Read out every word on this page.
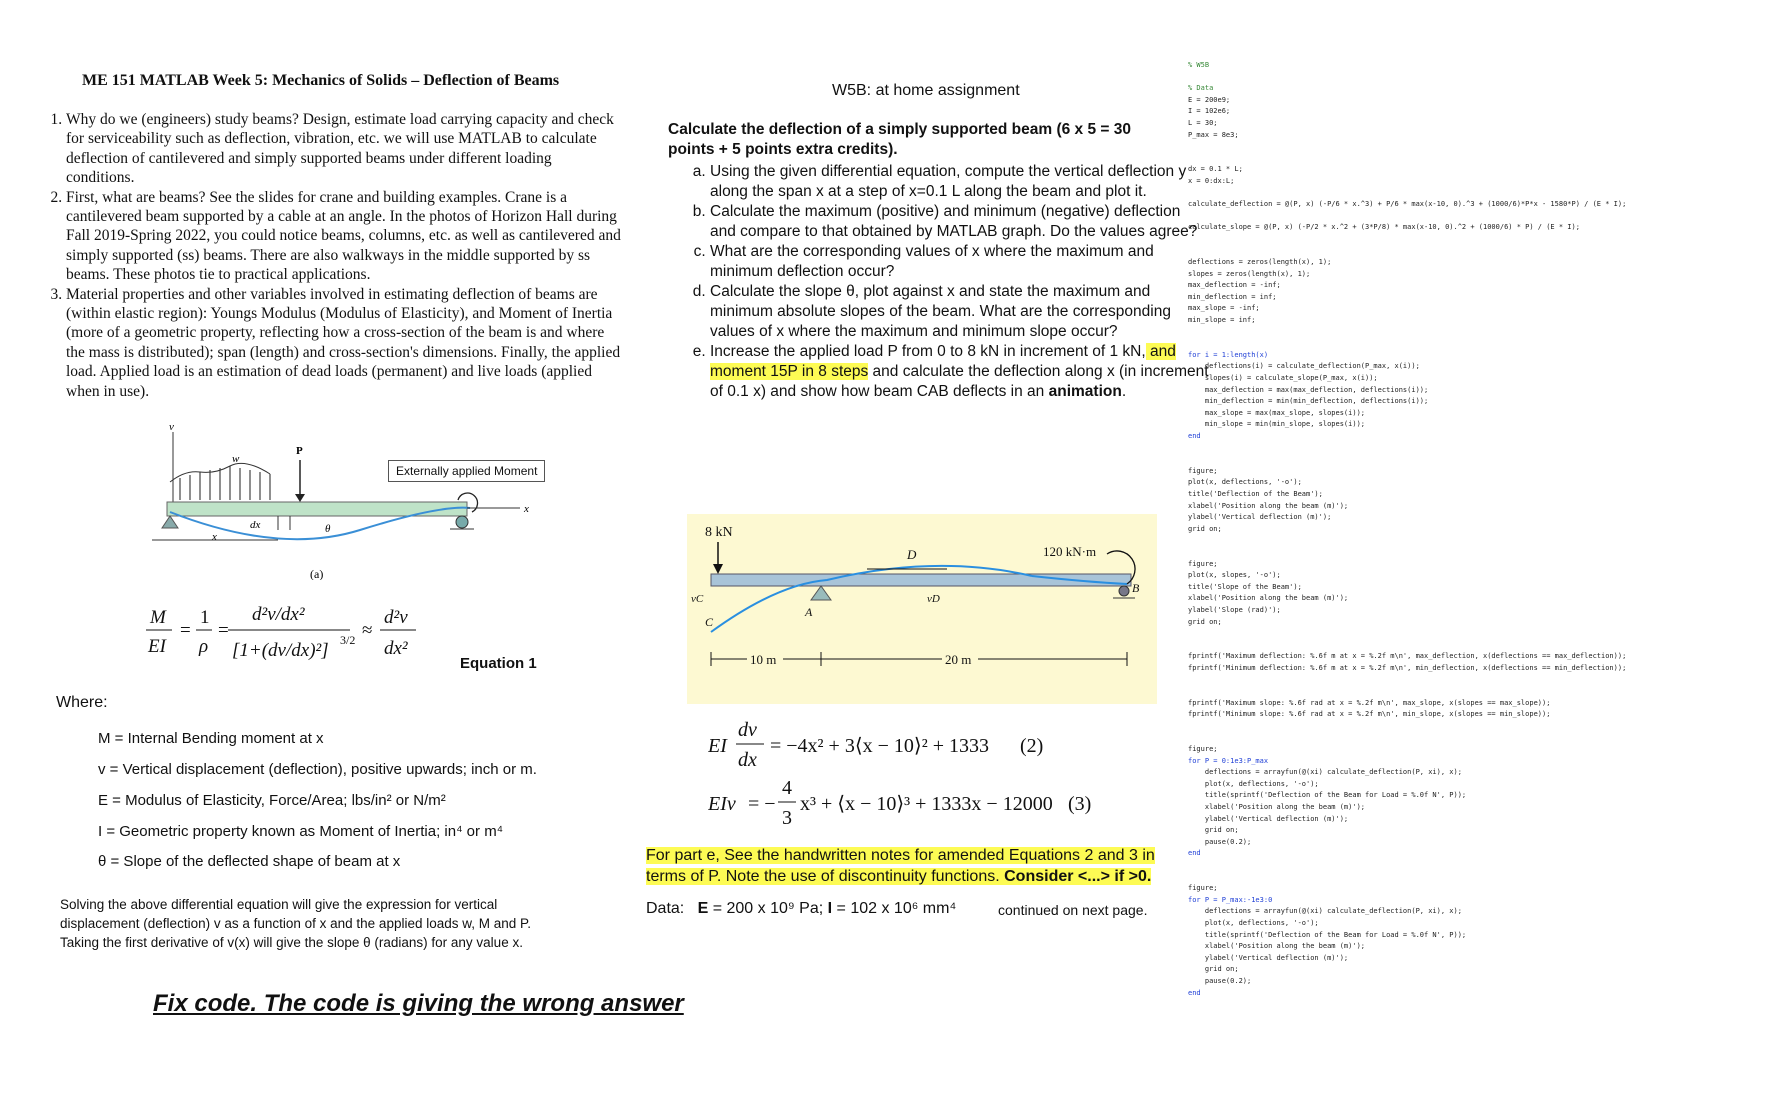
ME 151 MATLAB Week 5: Mechanics of Solids – Deflection of Beams
1. Why do we (engineers) study beams? Design, estimate load carrying capacity and check for serviceability such as deflection, vibration, etc. we will use MATLAB to calculate deflection of cantilevered and simply supported beams under different loading conditions.
2. First, what are beams? See the slides for crane and building examples. Crane is a cantilevered beam supported by a cable at an angle. In the photos of Horizon Hall during Fall 2019-Spring 2022, you could notice beams, columns, etc. as well as cantilevered and simply supported (ss) beams. There are also walkways in the middle supported by ss beams. These photos tie to practical applications.
3. Material properties and other variables involved in estimating deflection of beams are (within elastic region): Youngs Modulus (Modulus of Elasticity), and Moment of Inertia (more of a geometric property, reflecting how a cross-section of the beam is and where the mass is distributed); span (length) and cross-section's dimensions. Finally, the applied load. Applied load is an estimation of dead loads (permanent) and live loads (applied when in use).
v
w
P
dx	θ
x
x
(a)
Externally applied Moment
M
EI
=
1
ρ
=
d²v/dx²
[1+(dv/dx)²] 3/2 ≈
d²v
dx²
Equation 1
Where:
M = Internal Bending moment at x
v = Vertical displacement (deflection), positive upwards; inch or m.
E = Modulus of Elasticity, Force/Area; lbs/in² or N/m²
I = Geometric property known as Moment of Inertia; in⁴ or m⁴
θ = Slope of the deflected shape of beam at x
Solving the above differential equation will give the expression for vertical displacement (deflection) v as a function of x and the applied loads w, M and P. Taking the first derivative of v(x) will give the slope θ (radians) for any value x.
Fix code. The code is giving the wrong answer
W5B: at home assignment
Calculate the deflection of a simply supported beam (6 x 5 = 30 points + 5 points extra credits).
a. Using the given differential equation, compute the vertical deflection y along the span x at a step of x=0.1 L along the beam and plot it.
b. Calculate the maximum (positive) and minimum (negative) deflection and compare to that obtained by MATLAB graph. Do the values agree?
c. What are the corresponding values of x where the maximum and minimum deflection occur?
d. Calculate the slope θ, plot against x and state the maximum and minimum absolute slopes of the beam. What are the corresponding values of x where the maximum and minimum slope occur?
e. Increase the applied load P from 0 to 8 kN in increment of 1 kN, and moment 15P in 8 steps and calculate the deflection along x (in increment of 0.1 x) and show how beam CAB deflects in an animation.
8 kN
120 kN·m
D
B
A
C
vC	vD
10 m	20 m
EI
dv
dx
= −4x² + 3⟨x − 10⟩² + 1333 (2)
EIv = −
4
3
x³ + ⟨x − 10⟩³ + 1333x − 12000 (3)
For part e, See the handwritten notes for amended Equations 2 and 3 in terms of P. Note the use of discontinuity functions. Consider <...> if >0.
Data: E = 200 x 10⁹ Pa; I = 102 x 10⁶ mm⁴	continued on next page.
% W5B

% Data
E = 200e9;
I = 102e6;
L = 30;
P_max = 8e3;

dx = 0.1 * L;
x = 0:dx:L;

calculate_deflection = @(P, x) (-P/6 * x.^3) + P/6 * max(x-10, 0).^3 + (1000/6)*P*x - 1580*P) / (E * I);

calculate_slope = @(P, x) (-P/2 * x.^2 + (3*P/8) * max(x-10, 0).^2 + (1000/6) * P) / (E * I);

deflections = zeros(length(x), 1);
slopes = zeros(length(x), 1);
max_deflection = -inf;
min_deflection = inf;
max_slope = -inf;
min_slope = inf;

for i = 1:length(x)
deflections(i) = calculate_deflection(P_max, x(i));
slopes(i) = calculate_slope(P_max, x(i));
max_deflection = max(max_deflection, deflections(i));
min_deflection = min(min_deflection, deflections(i));
max_slope = max(max_slope, slopes(i));
min_slope = min(min_slope, slopes(i));
end

figure;
plot(x, deflections, '-o');
title('Deflection of the Beam');
xlabel('Position along the beam (m)');
ylabel('Vertical deflection (m)');
grid on;

figure;
plot(x, slopes, '-o');
title('Slope of the Beam');
xlabel('Position along the beam (m)');
ylabel('Slope (rad)');
grid on;

fprintf('Maximum deflection: %.6f m at x = %.2f m\n', max_deflection, x(deflections == max_deflection));
fprintf('Minimum deflection: %.6f m at x = %.2f m\n', min_deflection, x(deflections == min_deflection));

fprintf('Maximum slope: %.6f rad at x = %.2f m\n', max_slope, x(slopes == max_slope));
fprintf('Minimum slope: %.6f rad at x = %.2f m\n', min_slope, x(slopes == min_slope));

figure;
for P = 0:1e3:P_max
deflections = arrayfun(@(xi) calculate_deflection(P, xi), x);
plot(x, deflections, '-o');
title(sprintf('Deflection of the Beam for Load = %.0f N', P));
xlabel('Position along the beam (m)');
ylabel('Vertical deflection (m)');
grid on;
pause(0.2);
end

figure;
for P = P_max:-1e3:0
deflections = arrayfun(@(xi) calculate_deflection(P, xi), x);
plot(x, deflections, '-o');
title(sprintf('Deflection of the Beam for Load = %.0f N', P));
xlabel('Position along the beam (m)');
ylabel('Vertical deflection (m)');
grid on;
pause(0.2);
end
